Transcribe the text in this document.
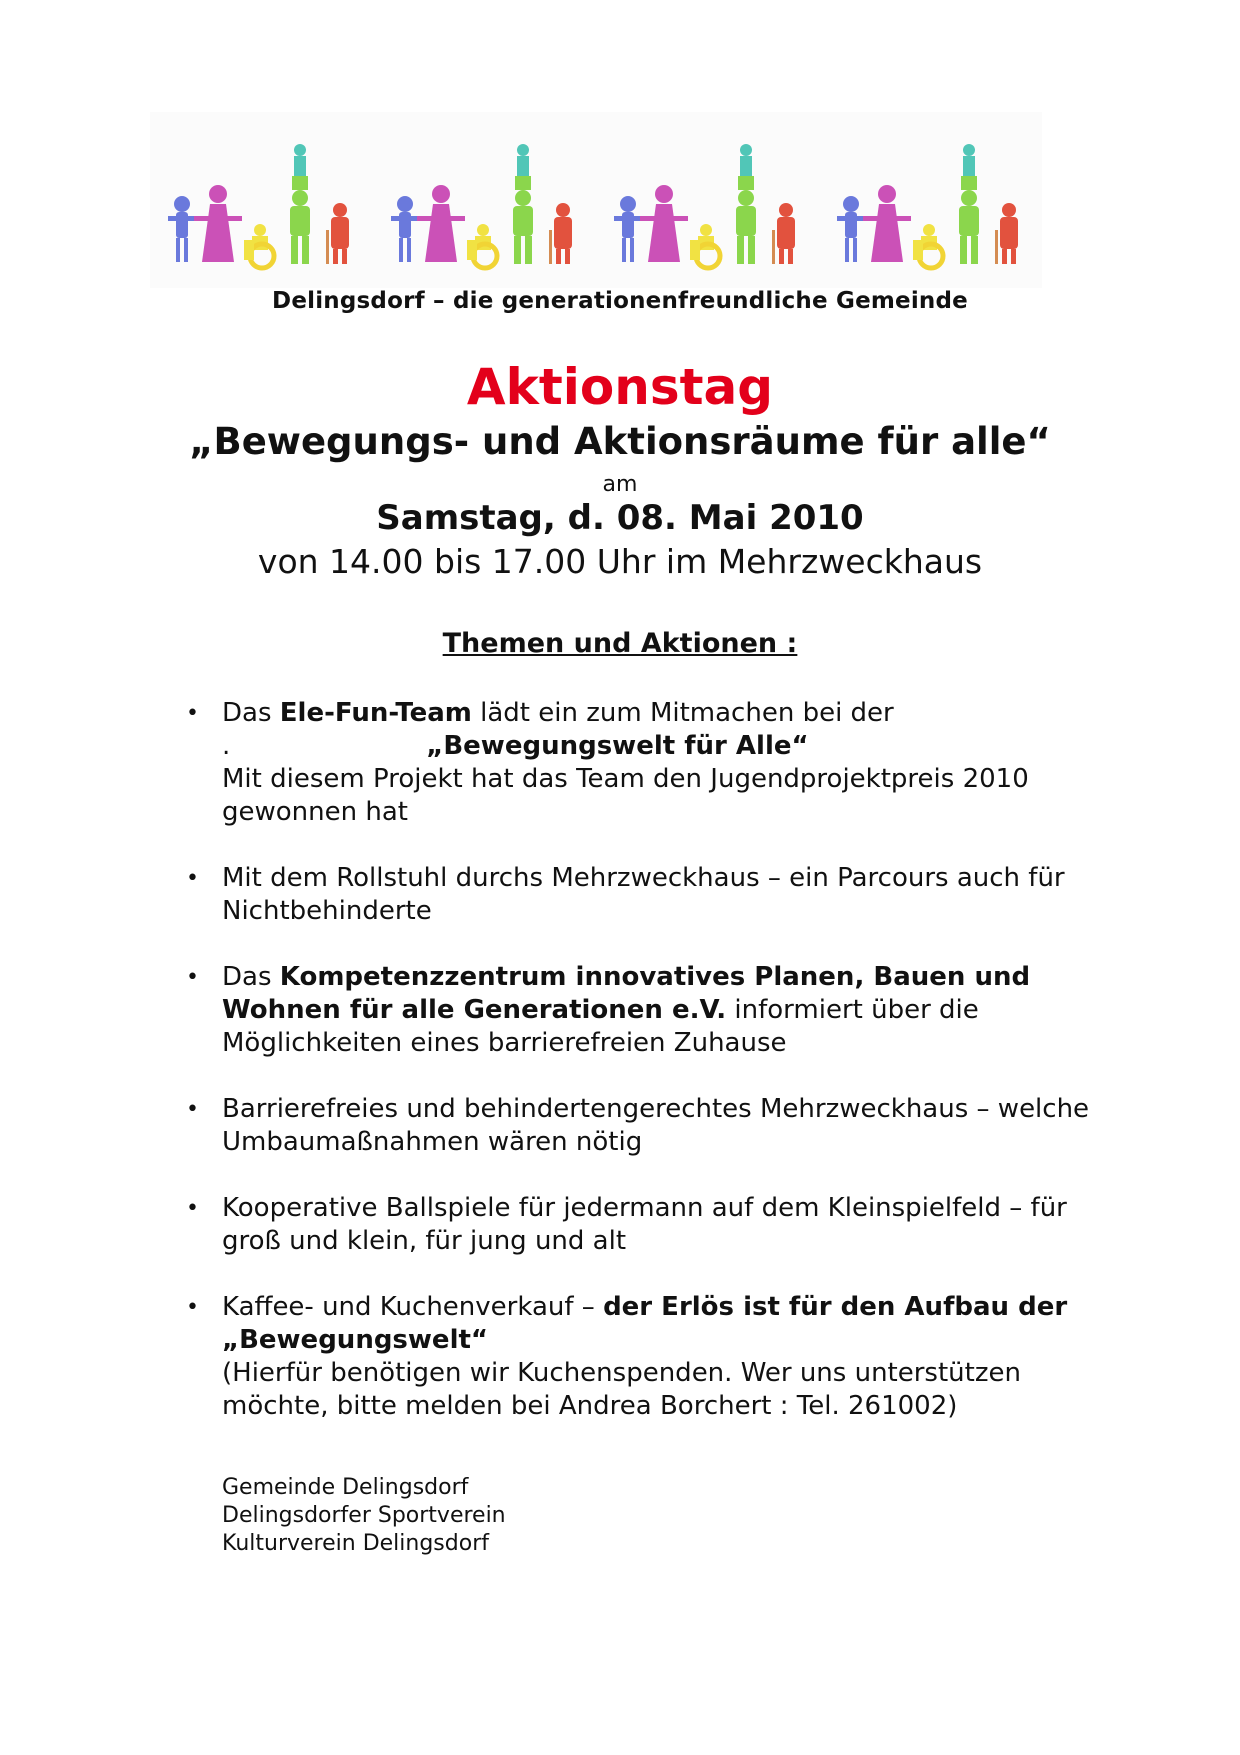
Delingsdorf – die generationenfreundliche Gemeinde
Aktionstag
„Bewegungs- und Aktionsräume für alle“
am
Samstag, d. 08. Mai 2010
von 14.00 bis 17.00 Uhr im Mehrzweckhaus
Themen und Aktionen :
• Das Ele-Fun-Team lädt ein zum Mitmachen bei der
.	„Bewegungswelt für Alle“
Mit diesem Projekt hat das Team den Jugendprojektpreis 2010 gewonnen hat
• Mit dem Rollstuhl durchs Mehrzweckhaus – ein Parcours auch für Nichtbehinderte
• Das Kompetenzzentrum innovatives Planen, Bauen und Wohnen für alle Generationen e.V. informiert über die Möglichkeiten eines barrierefreien Zuhause
• Barrierefreies und behindertengerechtes Mehrzweckhaus – welche Umbaumaßnahmen wären nötig
• Kooperative Ballspiele für jedermann auf dem Kleinspielfeld – für groß und klein, für jung und alt
• Kaffee- und Kuchenverkauf – der Erlös ist für den Aufbau der „Bewegungswelt“
(Hierfür benötigen wir Kuchenspenden. Wer uns unterstützen möchte, bitte melden bei Andrea Borchert : Tel. 261002)
Gemeinde Delingsdorf
Delingsdorfer Sportverein
Kulturverein Delingsdorf
